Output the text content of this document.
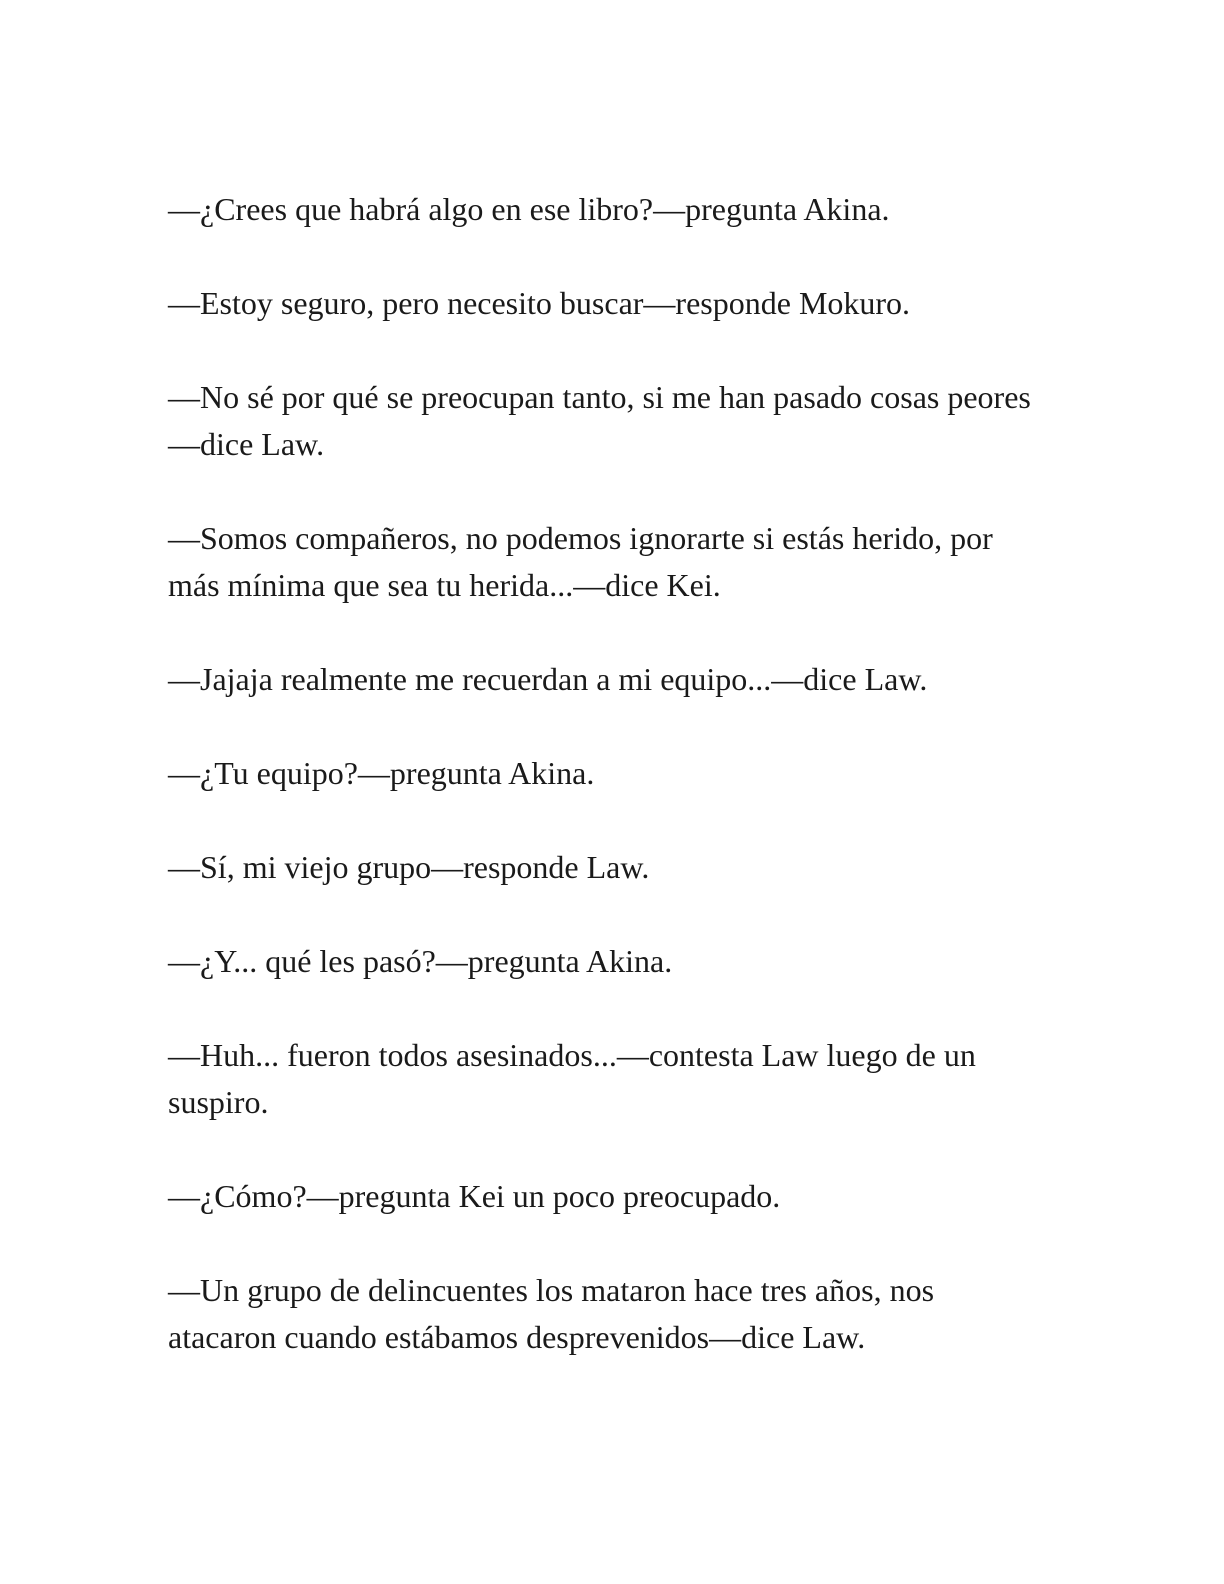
—¿Crees que habrá algo en ese libro?—pregunta Akina.

—Estoy seguro, pero necesito buscar—responde Mokuro.

—No sé por qué se preocupan tanto, si me han pasado cosas peores—dice Law.

—Somos compañeros, no podemos ignorarte si estás herido, por más mínima que sea tu herida...—dice Kei.

—Jajaja realmente me recuerdan a mi equipo...—dice Law.

—¿Tu equipo?—pregunta Akina.

—Sí, mi viejo grupo—responde Law.

—¿Y... qué les pasó?—pregunta Akina.

—Huh... fueron todos asesinados...—contesta Law luego de un suspiro.

—¿Cómo?—pregunta Kei un poco preocupado.

—Un grupo de delincuentes los mataron hace tres años, nos atacaron cuando estábamos desprevenidos—dice Law.
